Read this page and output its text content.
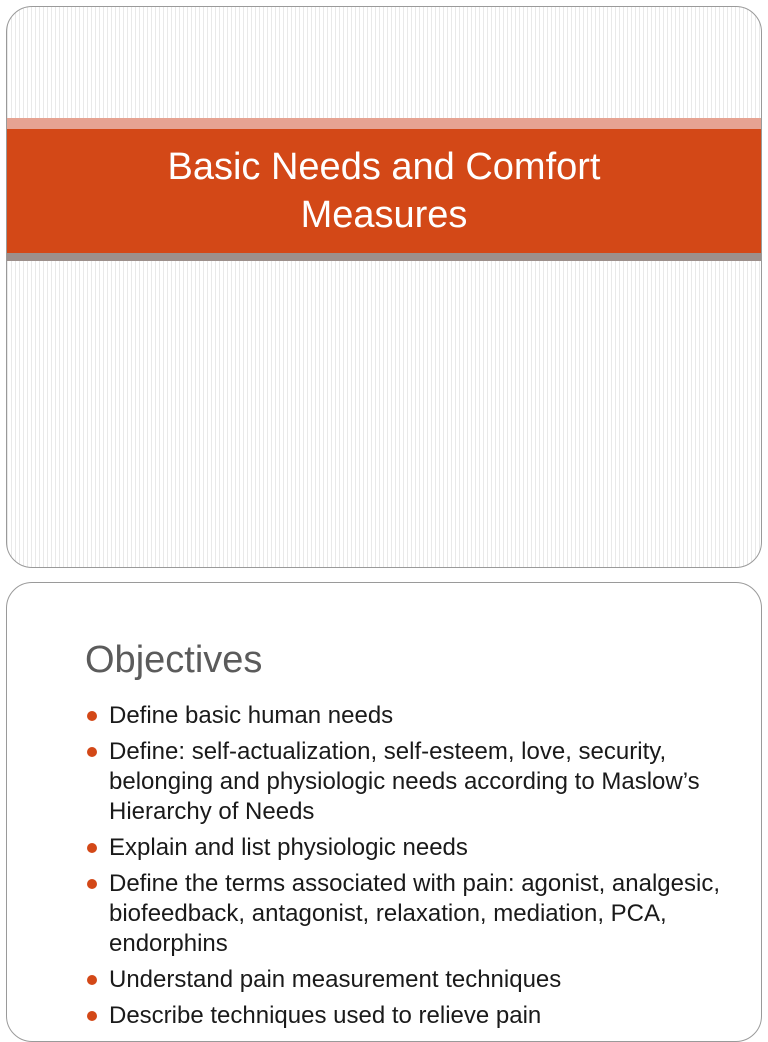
Basic Needs and Comfort Measures
Objectives
Define basic human needs
Define: self-actualization, self-esteem, love, security, belonging and physiologic needs according to Maslow’s Hierarchy of Needs
Explain and list physiologic needs
Define the terms associated with pain: agonist, analgesic, biofeedback, antagonist, relaxation, mediation, PCA, endorphins
Understand pain measurement techniques
Describe techniques used to relieve pain
